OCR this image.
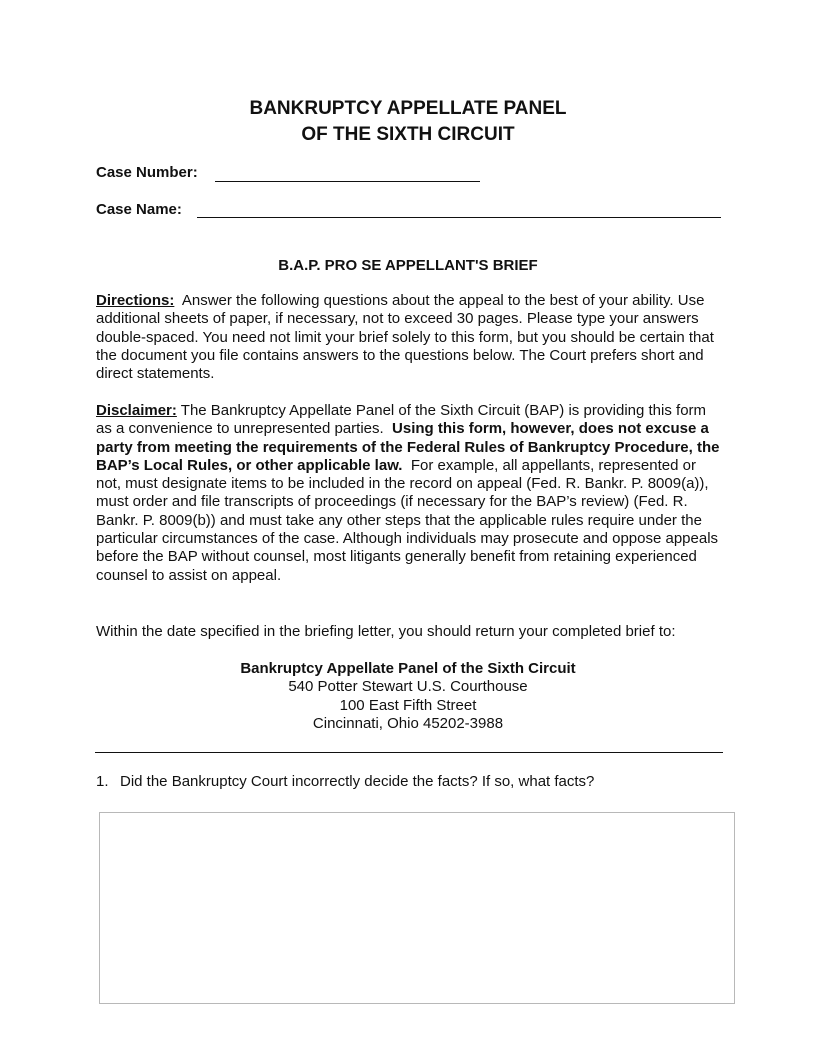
BANKRUPTCY APPELLATE PANEL
OF THE SIXTH CIRCUIT
Case Number:
Case Name:
B.A.P. PRO SE APPELLANT'S BRIEF
Directions: Answer the following questions about the appeal to the best of your ability. Use additional sheets of paper, if necessary, not to exceed 30 pages. Please type your answers double-spaced. You need not limit your brief solely to this form, but you should be certain that the document you file contains answers to the questions below. The Court prefers short and direct statements.
Disclaimer: The Bankruptcy Appellate Panel of the Sixth Circuit (BAP) is providing this form as a convenience to unrepresented parties. Using this form, however, does not excuse a party from meeting the requirements of the Federal Rules of Bankruptcy Procedure, the BAP’s Local Rules, or other applicable law. For example, all appellants, represented or not, must designate items to be included in the record on appeal (Fed. R. Bankr. P. 8009(a)), must order and file transcripts of proceedings (if necessary for the BAP’s review) (Fed. R. Bankr. P. 8009(b)) and must take any other steps that the applicable rules require under the particular circumstances of the case. Although individuals may prosecute and oppose appeals before the BAP without counsel, most litigants generally benefit from retaining experienced counsel to assist on appeal.
Within the date specified in the briefing letter, you should return your completed brief to:
Bankruptcy Appellate Panel of the Sixth Circuit
540 Potter Stewart U.S. Courthouse
100 East Fifth Street
Cincinnati, Ohio 45202-3988
1. Did the Bankruptcy Court incorrectly decide the facts? If so, what facts?
